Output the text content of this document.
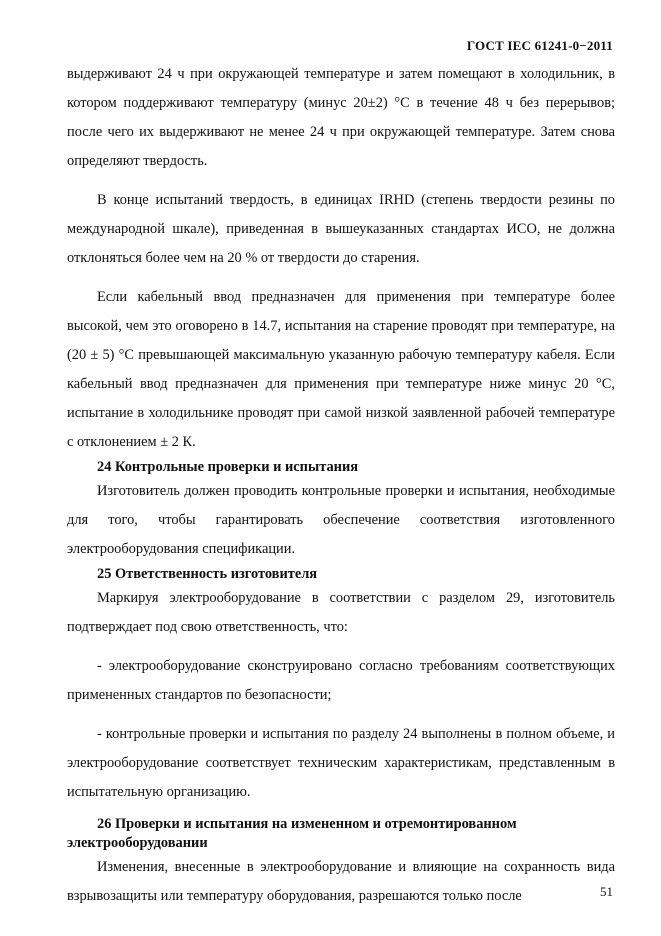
ГОСТ IEC 61241-0−2011

выдерживают 24 ч при окружающей температуре и затем помещают в холодильник, в котором поддерживают температуру (минус 20±2) °С в течение 48 ч без перерывов; после чего их выдерживают не менее 24 ч при окружающей температуре. Затем снова определяют твердость.

В конце испытаний твердость, в единицах IRHD (степень твердости резины по международной шкале), приведенная в вышеуказанных стандартах ИСО, не должна отклоняться более чем на 20 % от твердости до старения.

Если кабельный ввод предназначен для применения при температуре более высокой, чем это оговорено в 14.7, испытания на старение проводят при температуре, на (20 ± 5) °С превышающей максимальную указанную рабочую температуру кабеля. Если кабельный ввод предназначен для применения при температуре ниже минус 20 °С, испытание в холодильнике проводят при самой низкой заявленной рабочей температуре с отклонением ± 2 К.

24 Контрольные проверки и испытания

Изготовитель должен проводить контрольные проверки и испытания, необходимые для того, чтобы гарантировать обеспечение соответствия изготовленного электрооборудования спецификации.

25 Ответственность изготовителя

Маркируя электрооборудование в соответствии с разделом 29, изготовитель подтверждает под свою ответственность, что:

- электрооборудование сконструировано согласно требованиям соответствующих примененных стандартов по безопасности;

- контрольные проверки и испытания по разделу 24 выполнены в полном объеме, и электрооборудование соответствует техническим характеристикам, представленным в испытательную организацию.

26 Проверки и испытания на измененном и отремонтированном
электрооборудовании

Изменения, внесенные в электрооборудование и влияющие на сохранность вида взрывозащиты или температуру оборудования, разрешаются только после	51
